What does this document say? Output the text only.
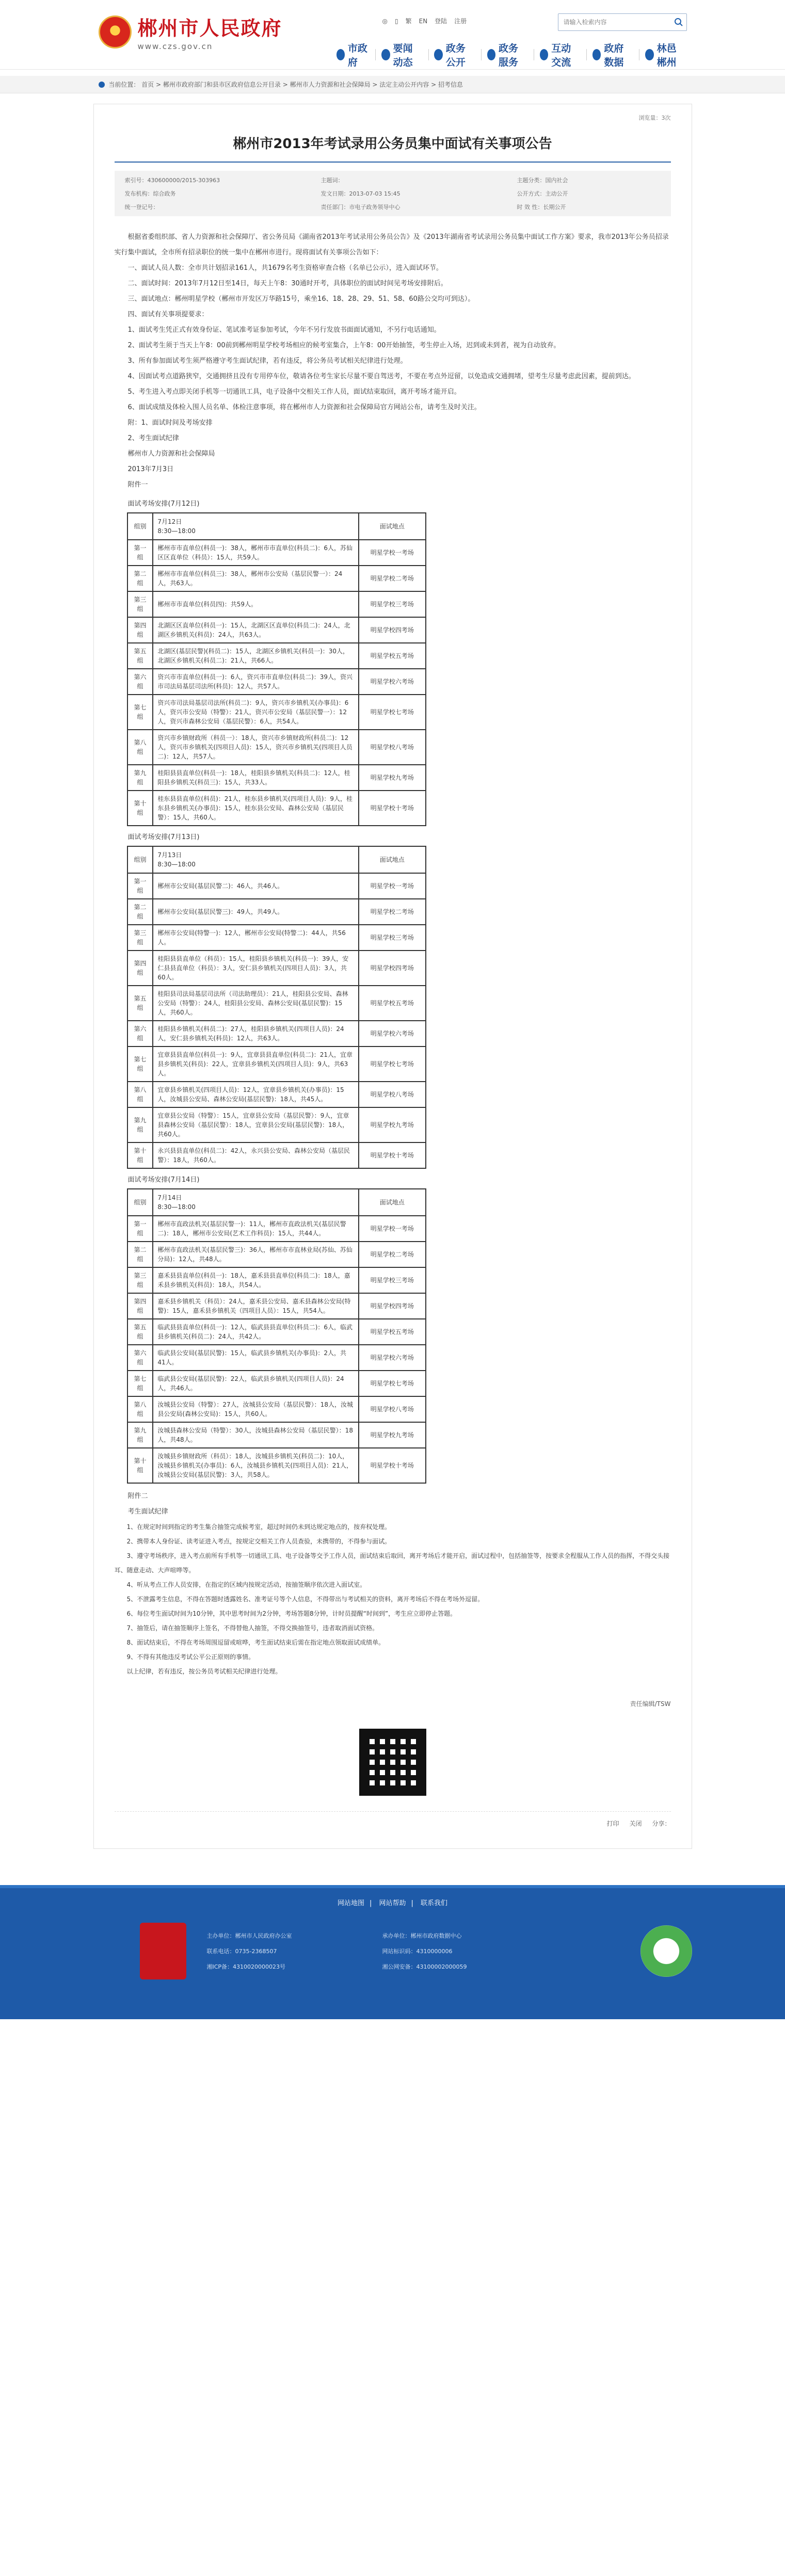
郴州市人民政府
www.czs.gov.cn
◎ ▯ 繁 EN 登陆 注册
请输入检索内容
市政府
要闻动态
政务公开
政务服务
互动交流
政府数据
林邑郴州
当前位置： 首页 > 郴州市政府部门和县市区政府信息公开目录 > 郴州市人力资源和社会保障局 > 法定主动公开内容 > 招考信息
浏览量：3次
郴州市2013年考试录用公务员集中面试有关事项公告
索引号：430600000/2015-303963	主题词：	主题分类：国内社会
发布机构：综合政务	发文日期：2013-07-03 15:45	公开方式：主动公开
统一登记号：	责任部门：市电子政务领导中心	时 效 性：长期公开

根据省委组织部、省人力资源和社会保障厅、省公务员局《湖南省2013年考试录用公务员公告》及《2013年湖南省考试录用公务员集中面试工作方案》要求，我市2013年公务员招录实行集中面试，全市所有招录职位的统一集中在郴州市进行。现将面试有关事项公告如下：

一、面试人员人数：全市共计划招录161人，共1679名考生资格审查合格（名单已公示），进入面试环节。

二、面试时间：2013年7月12日至14日，每天上午8：30通时开考，具体职位的面试时间见考场安排附后。

三、面试地点：郴州明星学校（郴州市开发区万华路15号，乘坐16、18、28、29、51、58、60路公交均可到达）。

四、面试有关事项提要求：

1、面试考生凭正式有效身份证、笔试准考证参加考试，今年不另行发放书面面试通知，不另行电话通知。

2、面试考生须于当天上午8：00前到郴州明星学校考场相应的候考室集合，上午8：00开始抽签，考生停止入场，迟到或未到者，视为自动放弃。

3、所有参加面试考生须严格遵守考生面试纪律，若有违反，将公务员考试相关纪律进行处理。

4、因面试考点道路狭窄，交通拥挤且没有专用停车位，敬请各位考生家长尽量不要自驾送考，不要在考点外逗留，以免造成交通拥堵，望考生尽量考虑此因素，提前到达。

5、考生进入考点即关闭手机等一切通讯工具，电子设备中交相关工作人员，面试结束取回，离开考场才能开启。

6、面试成绩及体检入围人员名单、体检注意事项，将在郴州市人力资源和社会保障局官方网站公布，请考生及时关注。

附：1、面试时间及考场安排

2、考生面试纪律

郴州市人力资源和社会保障局

2013年7月3日

附件一

面试考场安排(7月12日)
组别	7月12日
8:30—18:00	面试地点
第一组	郴州市市直单位(科员一)：38人，郴州市市直单位(科员二)：6人，苏仙区区直单位（科员）：15人，共59人。	明星学校一考场
第二组	郴州市市直单位(科员三)：38人，郴州市公安局（基层民警一）：24人，共63人。	明星学校二考场
第三组	郴州市市直单位(科员四)：共59人。	明星学校三考场
第四组	北湖区区直单位(科员一)：15人，北湖区区直单位(科员二)：24人，北湖区乡镇机关(科员)：24人，共63人。	明星学校四考场
第五组	北湖区(基层民警)(科员二)：15人，北湖区乡镇机关(科员一)：30人，北湖区乡镇机关(科员二)：21人，共66人。	明星学校五考场
第六组	资兴市市直单位(科员一)：6人，资兴市市直单位(科员二)：39人，资兴市司法局基层司法所(科员)：12人，共57人。	明星学校六考场
第七组	资兴市司法局基层司法所(科员二)：9人，资兴市乡镇机关(办事员)：6人，资兴市公安局（特警）：21人，资兴市公安局（基层民警一）：12人，资兴市森林公安局（基层民警）：6人，共54人。	明星学校七考场
第八组	资兴市乡镇财政所（科员一）：18人，资兴市乡镇财政所(科员二)：12人，资兴市乡镇机关(四项目人员)：15人，资兴市乡镇机关(四项目人员二)：12人，共57人。	明星学校八考场
第九组	桂阳县县直单位(科员一)：18人，桂阳县乡镇机关(科员二)：12人，桂阳县乡镇机关(科员三)：15人，共33人。	明星学校九考场
第十组	桂东县县直单位(科员)：21人，桂东县乡镇机关(四项目人员)：9人，桂东县乡镇机关(办事员)：15人，桂东县公安局、森林公安局（基层民警）：15人，共60人。	明星学校十考场
面试考场安排(7月13日)
组别	7月13日
8:30—18:00	面试地点
第一组	郴州市公安局(基层民警二)：46人，共46人。	明星学校一考场
第二组	郴州市公安局(基层民警三)：49人，共49人。	明星学校二考场
第三组	郴州市公安局(特警一)：12人，郴州市公安局(特警二)：44人，共56人。	明星学校三考场
第四组	桂阳县县直单位（科员）：15人，桂阳县乡镇机关(科员一)：39人，安仁县县直单位（科员）：3人，安仁县乡镇机关(四项目人员)：3人，共60人。	明星学校四考场
第五组	桂阳县司法局基层司法所（司法助理员）：21人，桂阳县公安局、森林公安局（特警）：24人，桂阳县公安局、森林公安局(基层民警)：15人，共60人。	明星学校五考场
第六组	桂阳县乡镇机关(科员二)：27人，桂阳县乡镇机关(四项目人员)：24人，安仁县乡镇机关(科员)：12人，共63人。	明星学校六考场
第七组	宜章县县直单位(科员一)：9人，宜章县县直单位(科员二)：21人，宜章县乡镇机关(科员)：22人，宜章县乡镇机关(四项目人员)：9人，共63人。	明星学校七考场
第八组	宜章县乡镇机关(四项目人员)：12人，宜章县乡镇机关(办事员)：15人，汝城县公安局、森林公安局(基层民警)：18人，共45人。	明星学校八考场
第九组	宜章县公安局（特警）：15人，宜章县公安局（基层民警）：9人，宜章县森林公安局（基层民警）：18人，宜章县公安局(基层民警)：18人，共60人。	明星学校九考场
第十组	永兴县县直单位(科员二)：42人，永兴县公安局、森林公安局（基层民警）：18人，共60人。	明星学校十考场
面试考场安排(7月14日)
组别	7月14日
8:30—18:00	面试地点
第一组	郴州市直政法机关(基层民警一)：11人，郴州市直政法机关(基层民警二)：18人，郴州市公安局(艺术工作科员)：15人，共44人。	明星学校一考场
第二组	郴州市直政法机关(基层民警三)：36人，郴州市市直林业局(苏仙、苏仙分局)：12人，共48人。	明星学校二考场
第三组	嘉禾县县直单位(科员一)：18人，嘉禾县县直单位(科员二)：18人，嘉禾县乡镇机关(科员)：18人，共54人。	明星学校三考场
第四组	嘉禾县乡镇机关（科员）：24人，嘉禾县公安局、嘉禾县森林公安局(特警)：15人，嘉禾县乡镇机关（四项目人员）：15人，共54人。	明星学校四考场
第五组	临武县县直单位(科员一)：12人，临武县县直单位(科员二)：6人，临武县乡镇机关(科员二)：24人，共42人。	明星学校五考场
第六组	临武县公安局(基层民警)：15人，临武县乡镇机关(办事员)：2人，共41人。	明星学校六考场
第七组	临武县公安局(基层民警)：22人，临武县乡镇机关(四项目人员)：24人，共46人。	明星学校七考场
第八组	汝城县公安局（特警）：27人，汝城县公安局（基层民警）：18人，汝城县公安局(森林公安局)：15人，共60人。	明星学校八考场
第九组	汝城县森林公安局（特警）：30人，汝城县森林公安局（基层民警）：18人，共48人。	明星学校九考场
第十组	汝城县乡镇财政所（科员）：18人，汝城县乡镇机关(科员二)：10人，汝城县乡镇机关(办事员)：6人，汝城县乡镇机关(四项目人员)：21人，汝城县公安局(基层民警)：3人，共58人。	明星学校十考场

附件二

考生面试纪律

1、在规定时间到指定的考生集合抽签完成候考室，超过时间仍未到达规定地点的，按弃权处理。

2、携带本人身份证、读考证进入考点，按规定交相关工作人员查验，未携带的，不得参与面试。

3、遵守考场秩序，进入考点前所有手机等一切通讯工具、电子设备等交予工作人员，面试结束后取回，离开考场后才能开启，面试过程中，包括抽签等，按要求全程服从工作人员的指挥，不得交头接耳、随意走动、大声喧哗等。

4、听从考点工作人员安排，在指定的区域内按规定活动，按抽签顺序依次进入面试室。

5、不泄露考生信息，不得在答题时透露姓名、准考证号等个人信息，不得带出与考试相关的资料，离开考场后不得在考场外逗留。

6、每位考生面试时间为10分钟，其中思考时间为2分钟，考场答题8分钟，计时员提醒“时间到”，考生应立即停止答题。

7、抽签后，请在抽签顺序上签名，不得替他人抽签，不得交换抽签号，违者取消面试资格。

8、面试结束后，不得在考场周围逗留或喧哗，考生面试结束后需在指定地点领取面试成绩单。

9、不得有其他违反考试公平公正原则的事情。

以上纪律，若有违反，按公务员考试相关纪律进行处理。

责任编辑/TSW
打印 关闭 分享：
网站地图 | 网站帮助 | 联系我们
主办单位：郴州市人民政府办公室	承办单位：郴州市政府数据中心
联系电话：0735-2368507	网站标识码：4310000006
湘ICP备：4310020000023号	湘公网安备：43100002000059
